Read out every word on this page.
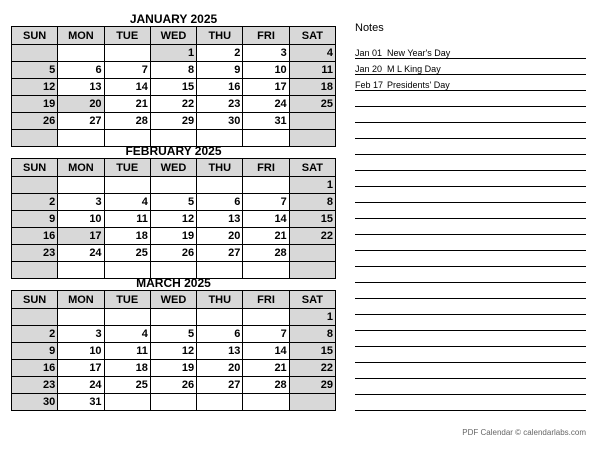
JANUARY 2025
SUN	MON	TUE	WED	THU	FRI	SAT
			1	2	3	4
5	6	7	8	9	10	11
12	13	14	15	16	17	18
19	20	21	22	23	24	25
26	27	28	29	30	31	

FEBRUARY 2025
SUN	MON	TUE	WED	THU	FRI	SAT
						1
2	3	4	5	6	7	8
9	10	11	12	13	14	15
16	17	18	19	20	21	22
23	24	25	26	27	28	

MARCH 2025
SUN	MON	TUE	WED	THU	FRI	SAT
						1
2	3	4	5	6	7	8
9	10	11	12	13	14	15
16	17	18	19	20	21	22
23	24	25	26	27	28	29
30	31					
Notes
Jan 01 New Year's Day
Jan 20 M L King Day
Feb 17 Presidents' Day
PDF Calendar © calendarlabs.com
